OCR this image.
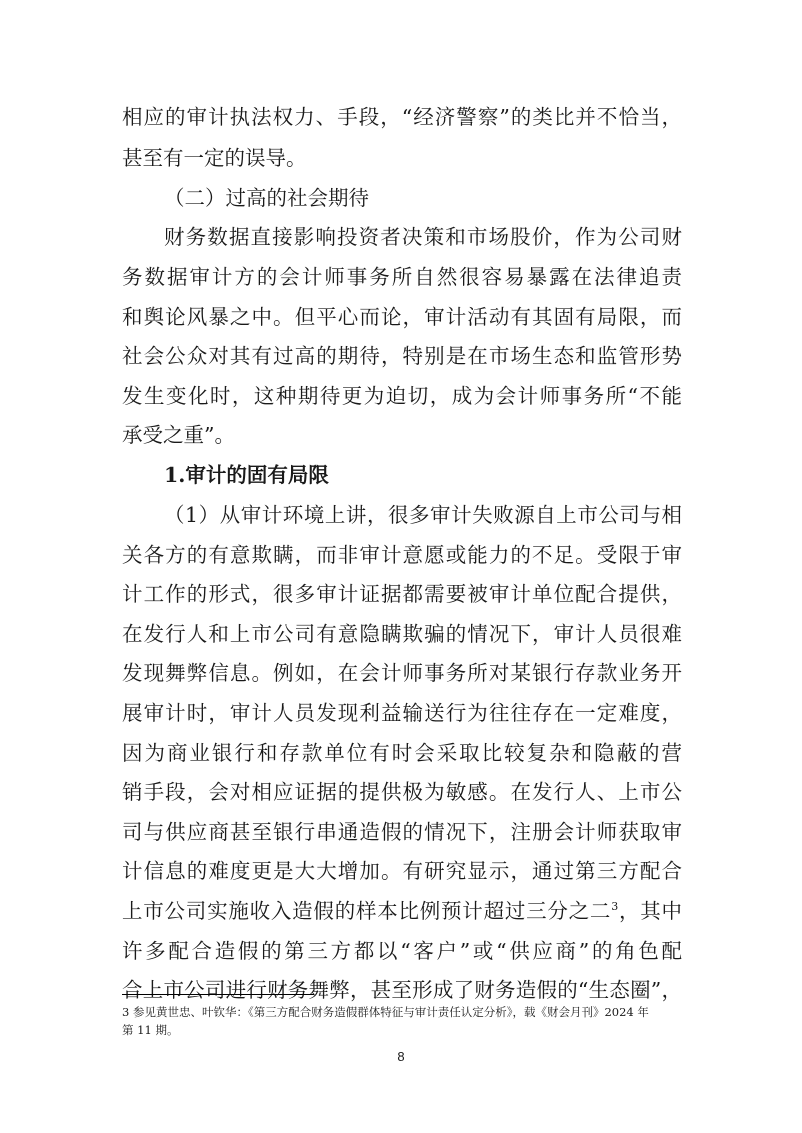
相应的审计执法权力、手段，“经济警察”的类比并不恰当，
甚至有一定的误导。
（二）过高的社会期待
财务数据直接影响投资者决策和市场股价，作为公司财
务数据审计方的会计师事务所自然很容易暴露在法律追责
和舆论风暴之中。但平心而论，审计活动有其固有局限，而
社会公众对其有过高的期待，特别是在市场生态和监管形势
发生变化时，这种期待更为迫切，成为会计师事务所“不能
承受之重”。
1.审计的固有局限
（1）从审计环境上讲，很多审计失败源自上市公司与相
关各方的有意欺瞒，而非审计意愿或能力的不足。受限于审
计工作的形式，很多审计证据都需要被审计单位配合提供，
在发行人和上市公司有意隐瞒欺骗的情况下，审计人员很难
发现舞弊信息。例如，在会计师事务所对某银行存款业务开
展审计时，审计人员发现利益输送行为往往存在一定难度，
因为商业银行和存款单位有时会采取比较复杂和隐蔽的营
销手段，会对相应证据的提供极为敏感。在发行人、上市公
司与供应商甚至银行串通造假的情况下，注册会计师获取审
计信息的难度更是大大增加。有研究显示，通过第三方配合
上市公司实施收入造假的样本比例预计超过三分之二$^3$，其中
许多配合造假的第三方都以“客户”或“供应商”的角色配
合上市公司进行财务舞弊，甚至形成了财务造假的“生态圈”，
3 参见黄世忠、叶钦华：《第三方配合财务造假群体特征与审计责任认定分析》，载《财会月刊》2024 年
第 11 期。
8
